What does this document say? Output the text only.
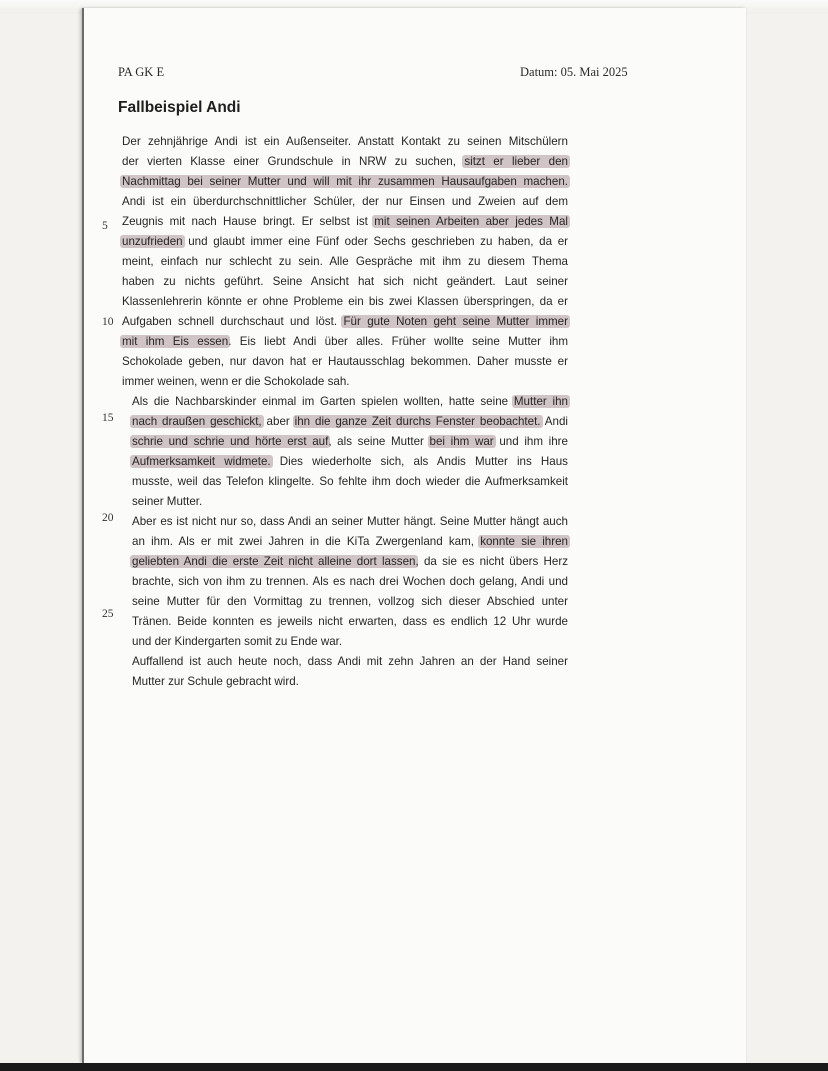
PA GK E	Datum: 05. Mai 2025
Fallbeispiel Andi
5
10
15
20
25
Der zehnjährige Andi ist ein Außenseiter. Anstatt Kontakt zu seinen Mitschülern
der vierten Klasse einer Grundschule in NRW zu suchen, sitzt er lieber den
Nachmittag bei seiner Mutter und will mit ihr zusammen Hausaufgaben machen.
Andi ist ein überdurchschnittlicher Schüler, der nur Einsen und Zweien auf dem
Zeugnis mit nach Hause bringt. Er selbst ist mit seinen Arbeiten aber jedes Mal
unzufrieden und glaubt immer eine Fünf oder Sechs geschrieben zu haben, da er
meint, einfach nur schlecht zu sein. Alle Gespräche mit ihm zu diesem Thema
haben zu nichts geführt. Seine Ansicht hat sich nicht geändert. Laut seiner
Klassenlehrerin könnte er ohne Probleme ein bis zwei Klassen überspringen, da er
Aufgaben schnell durchschaut und löst. Für gute Noten geht seine Mutter immer
mit ihm Eis essen. Eis liebt Andi über alles. Früher wollte seine Mutter ihm
Schokolade geben, nur davon hat er Hautausschlag bekommen. Daher musste er
immer weinen, wenn er die Schokolade sah.
Als die Nachbarskinder einmal im Garten spielen wollten, hatte seine Mutter ihn
nach draußen geschickt, aber ihn die ganze Zeit durchs Fenster beobachtet. Andi
schrie und schrie und hörte erst auf, als seine Mutter bei ihm war und ihm ihre
Aufmerksamkeit widmete. Dies wiederholte sich, als Andis Mutter ins Haus
musste, weil das Telefon klingelte. So fehlte ihm doch wieder die Aufmerksamkeit
seiner Mutter.
Aber es ist nicht nur so, dass Andi an seiner Mutter hängt. Seine Mutter hängt auch
an ihm. Als er mit zwei Jahren in die KiTa Zwergenland kam, konnte sie ihren
geliebten Andi die erste Zeit nicht alleine dort lassen, da sie es nicht übers Herz
brachte, sich von ihm zu trennen. Als es nach drei Wochen doch gelang, Andi und
seine Mutter für den Vormittag zu trennen, vollzog sich dieser Abschied unter
Tränen. Beide konnten es jeweils nicht erwarten, dass es endlich 12 Uhr wurde
und der Kindergarten somit zu Ende war.
Auffallend ist auch heute noch, dass Andi mit zehn Jahren an der Hand seiner
Mutter zur Schule gebracht wird.
